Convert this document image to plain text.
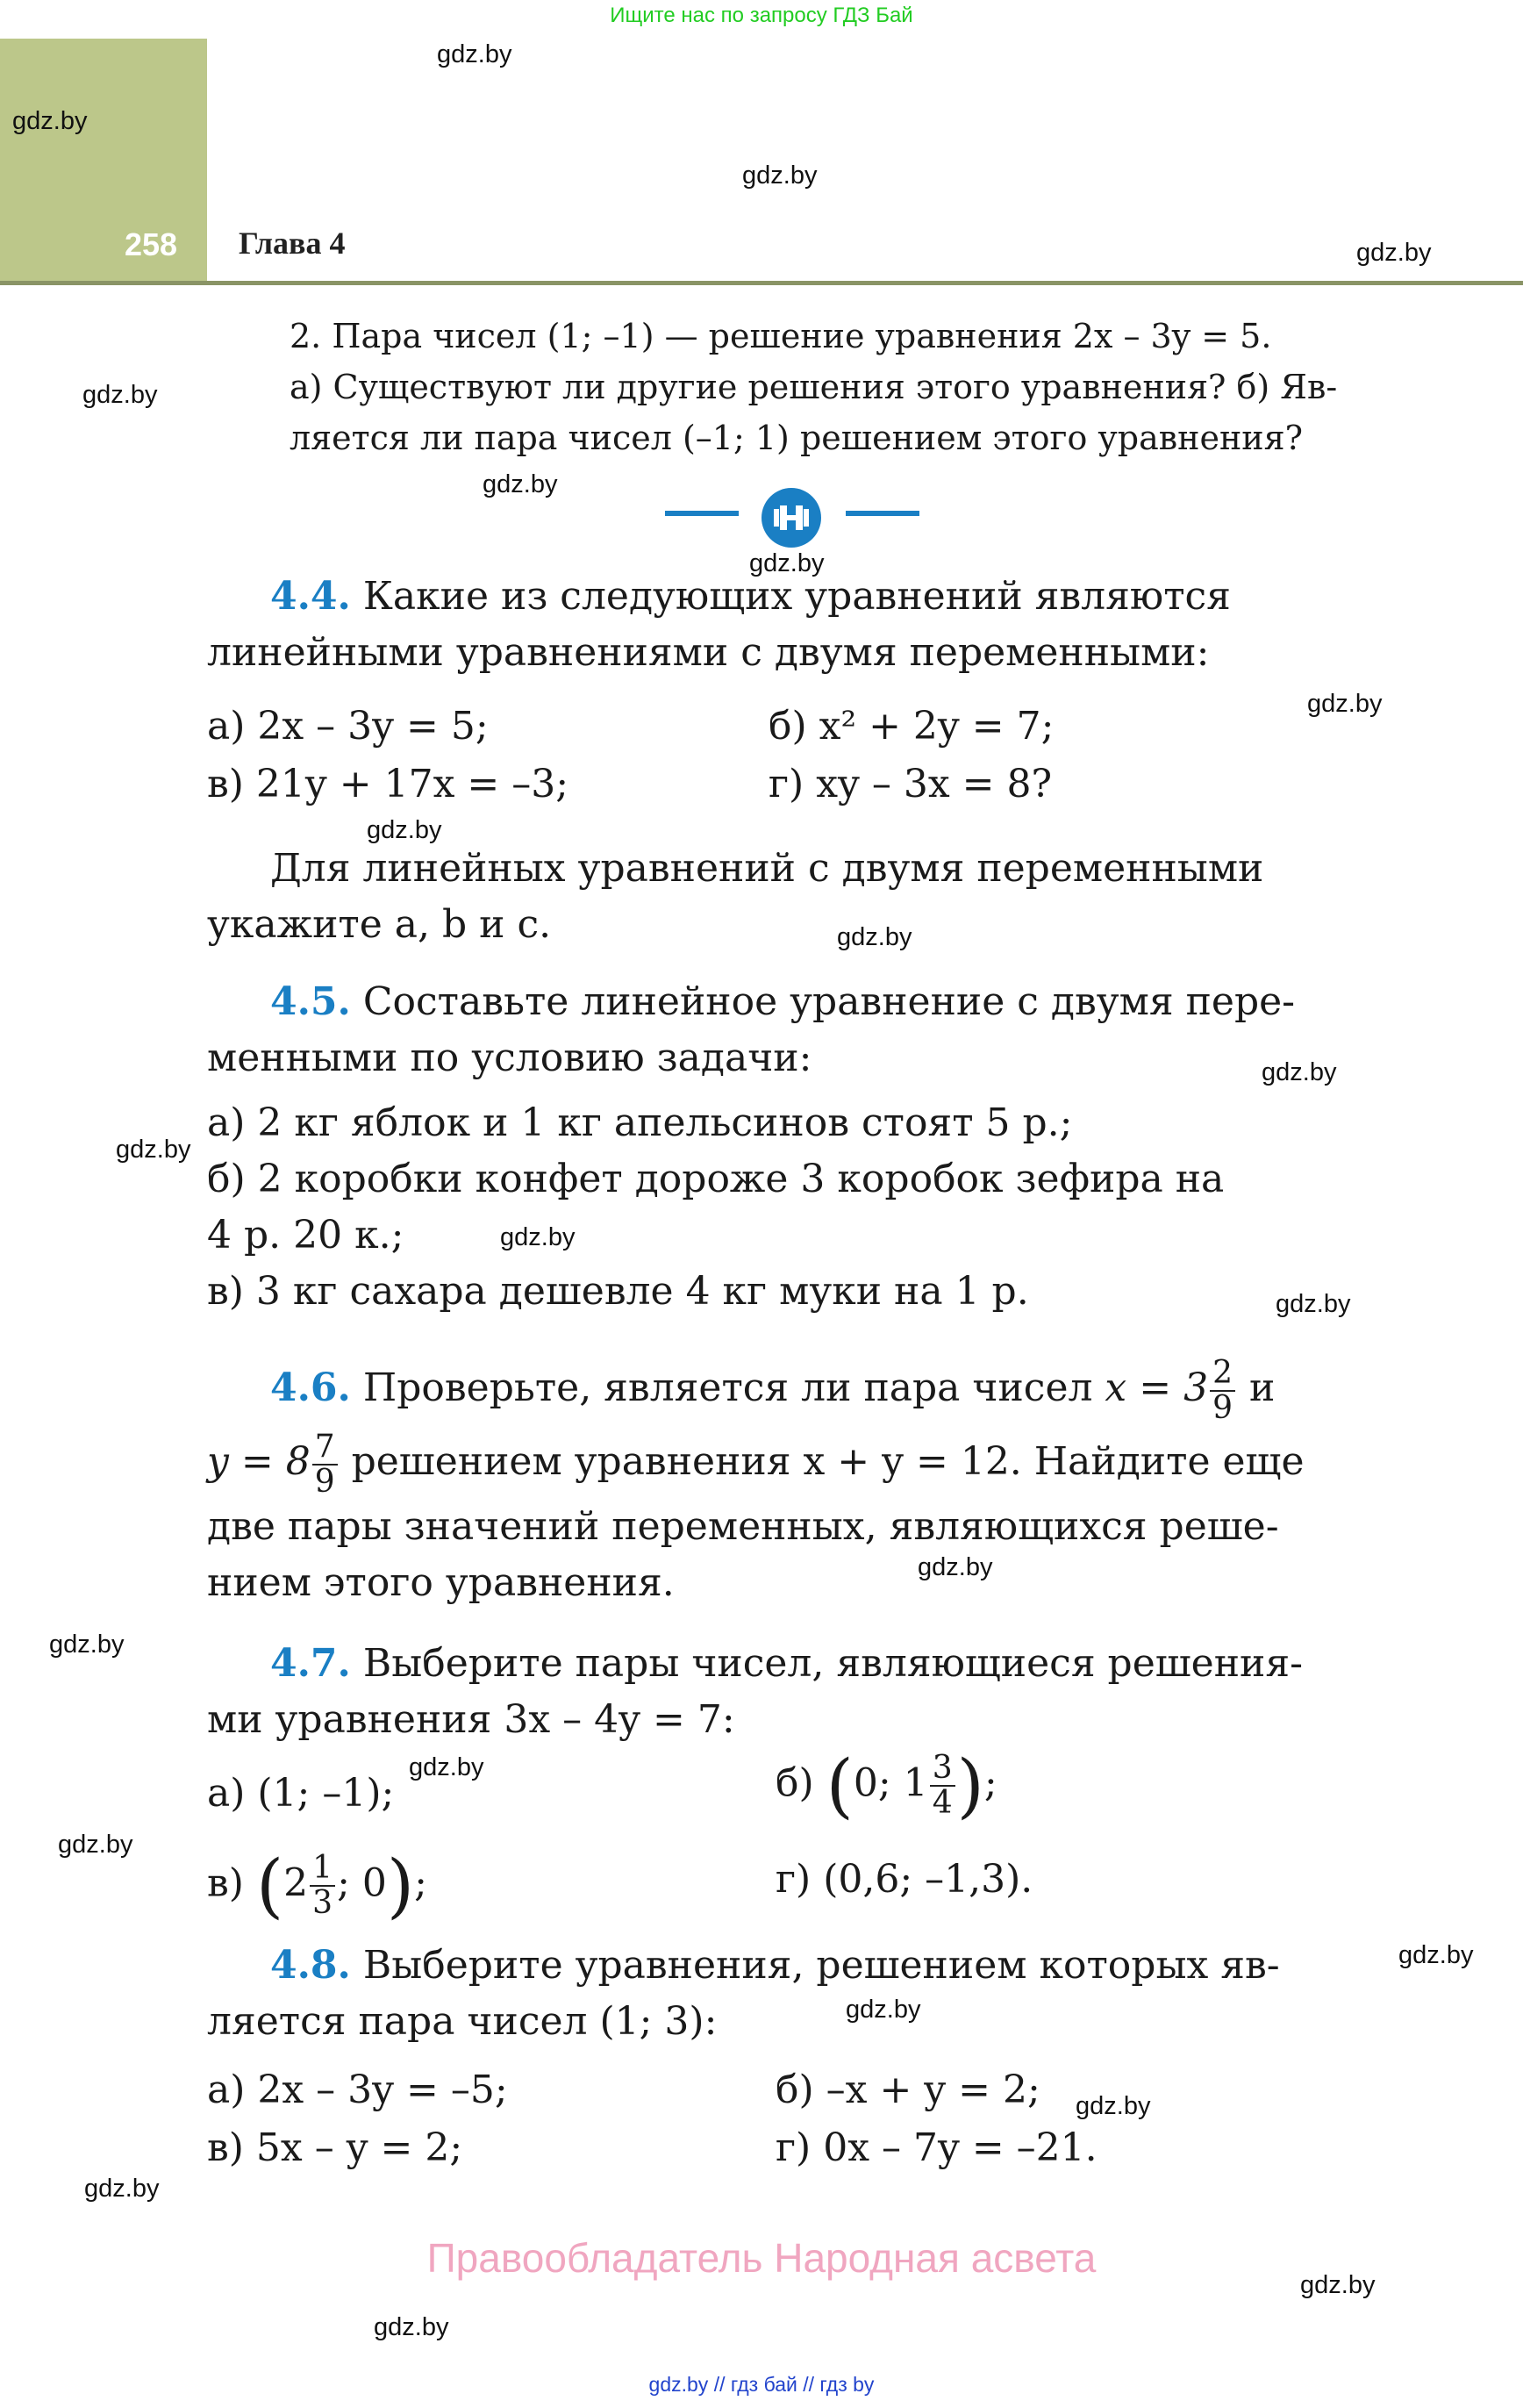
Ищите нас по запросу ГДЗ Бай
258 Глава 4
2. Пара чисел (1; –1) — решение уравнения 2x – 3y = 5.
а) Существуют ли другие решения этого уравнения? б) Яв-
ляется ли пара чисел (–1; 1) решением этого уравнения?
4.4. Какие из следующих уравнений являются
линейными уравнениями с двумя переменными:
а) 2x – 3y = 5;	б) x² + 2y = 7;
в) 21y + 17x = –3;	г) xy – 3x = 8?
Для линейных уравнений с двумя переменными
укажите a, b и c.
4.5. Составьте линейное уравнение с двумя пере-
менными по условию задачи:
а) 2 кг яблок и 1 кг апельсинов стоят 5 р.;
б) 2 коробки конфет дороже 3 коробок зефира на
4 р. 20 к.;
в) 3 кг сахара дешевле 4 кг муки на 1 р.
4.6. Проверьте, является ли пара чисел $x = 3 \frac{2}{9}$ и
$y = 8 \frac{7}{9}$ решением уравнения x + y = 12. Найдите еще
две пары значений переменных, являющихся реше-
нием этого уравнения.
4.7. Выберите пары чисел, являющиеся решения-
ми уравнения 3x – 4y = 7:
а) (1; –1);	б) (0; $1 \frac{3}{4}$ );
в) ($2 \frac{1}{3}$ ; 0);	г) (0,6; –1,3).
4.8. Выберите уравнения, решением которых яв-
ляется пара чисел (1; 3):
а) 2x – 3y = –5;	б) –x + y = 2;
в) 5x – y = 2;	г) 0x – 7y = –21.
Правообладатель Народная асвета
gdz.by // гдз бай // гдз by
gdz.by
gdz.by
gdz.by
gdz.by
gdz.by
gdz.by
gdz.by
gdz.by
gdz.by
gdz.by
gdz.by
gdz.by
gdz.by
gdz.by
gdz.by
gdz.by
gdz.by
gdz.by
gdz.by
gdz.by
gdz.by
gdz.by
gdz.by
gdz.by
